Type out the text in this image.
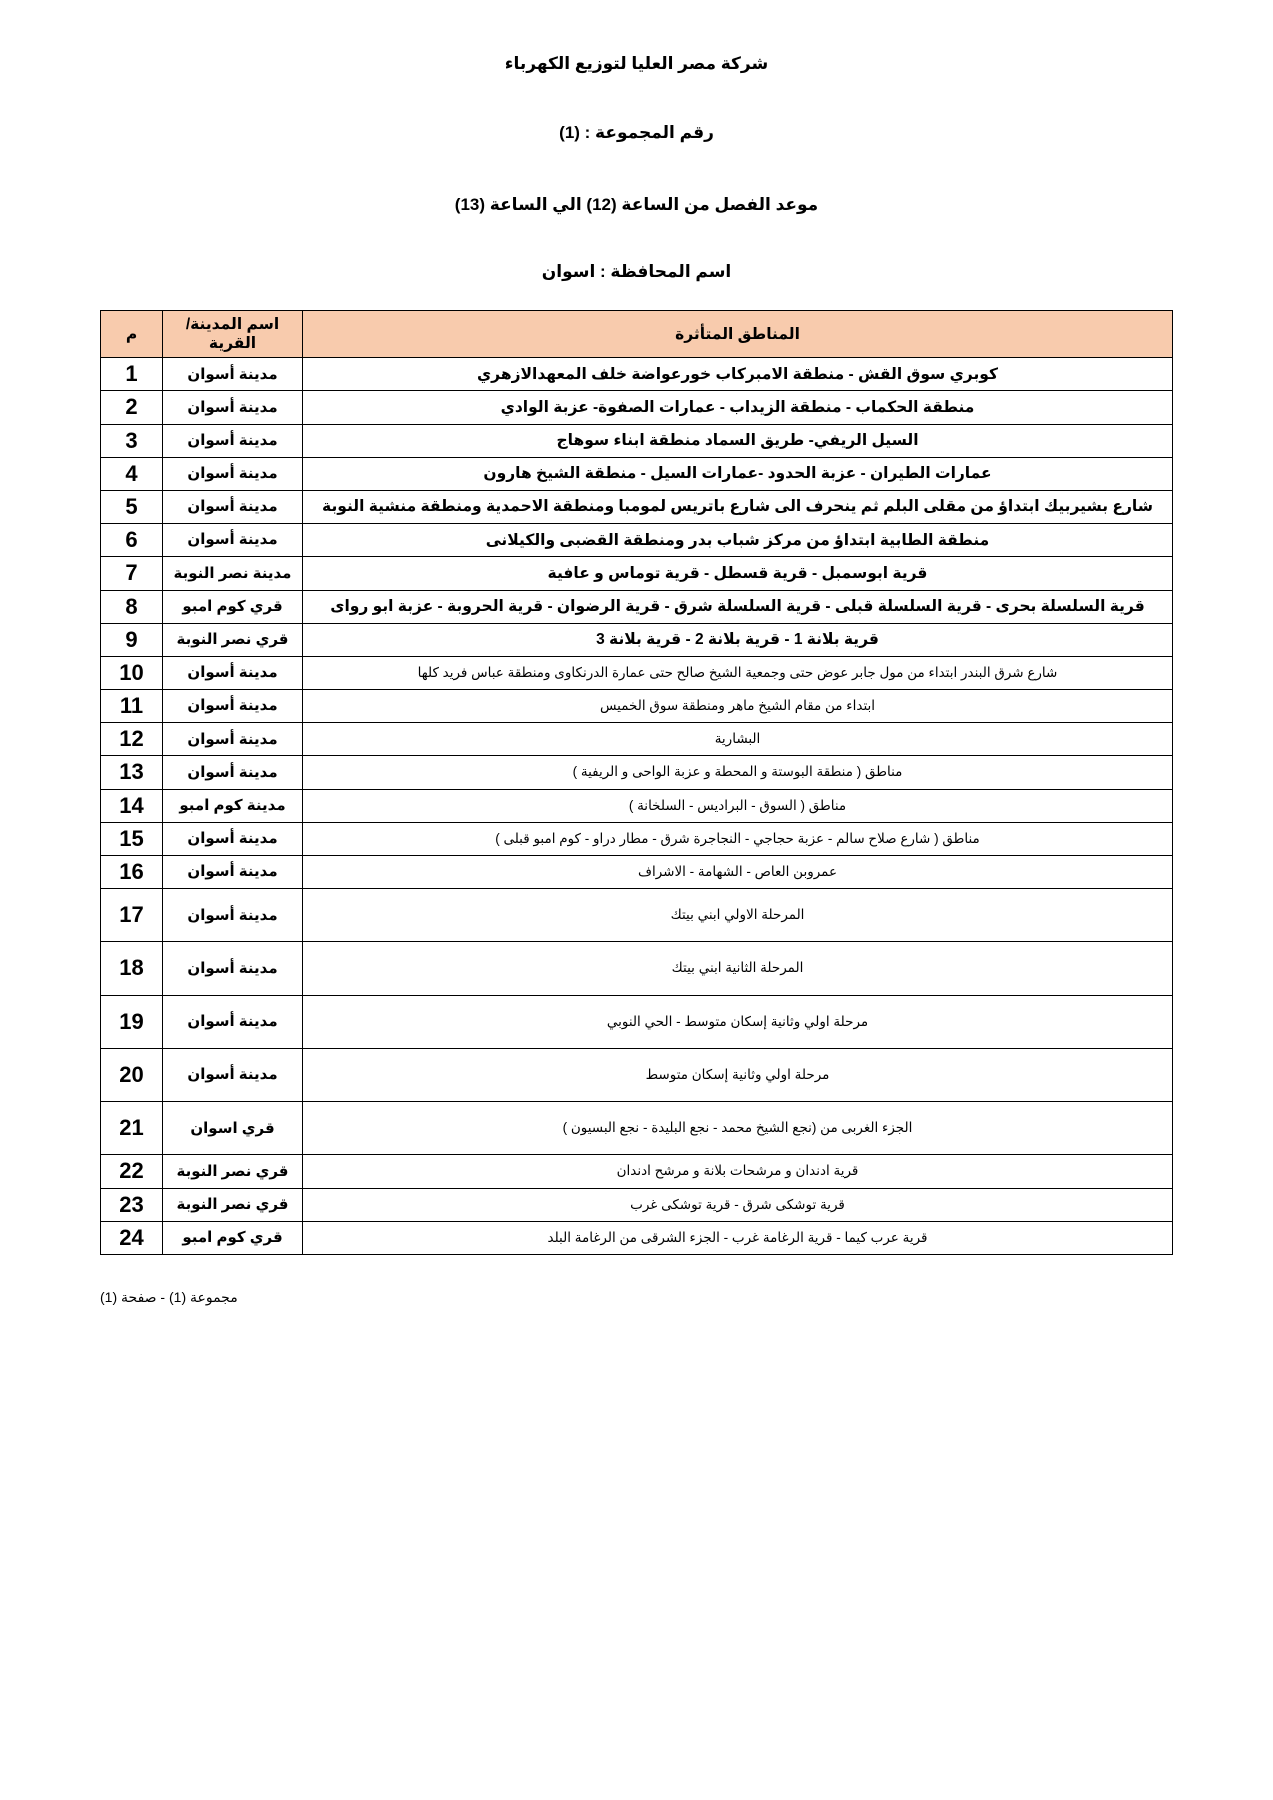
شركة مصر العليا لتوزيع الكهرباء
رقم المجموعة : (1)
موعد الفصل من الساعة (12) الي الساعة (13)
اسم المحافظة : اسوان
المناطق المتأثرة	اسم المدينة/ القرية	م
كوبري سوق القش - منطقة الامبركاب خورعواضة خلف المعهدالازهري	مدينة أسوان	1
منطقة الحكماب - منطقة الزيداب - عمارات الصفوة- عزبة الوادي	مدينة أسوان	2
السيل الريفي- طريق السماد منطقة ابناء سوهاج	مدينة أسوان	3
عمارات الطيران - عزبة الحدود -عمارات السيل - منطقة الشيخ هارون	مدينة أسوان	4
شارع بشيربيك ابتداؤ من مقلى البلم ثم ينحرف الى شارع باتريس لمومبا ومنطقة الاحمدية ومنطقة منشية النوبة	مدينة أسوان	5
منطقة الطابية ابتداؤ من مركز شباب بدر ومنطقة القضبى والكيلانى	مدينة أسوان	6
قرية ابوسمبل - قرية قسطل - قرية توماس و عافية	مدينة نصر النوبة	7
قرية السلسلة بحرى - قرية السلسلة قبلى - قرية السلسلة شرق - قرية الرضوان - قرية الحروبة - عزبة ابو رواى	قري كوم امبو	8
قرية بلانة 1 - قرية بلانة 2 - قرية بلانة 3	قري نصر النوبة	9
شارع شرق البندر ابتداء من مول جابر عوض حتى وجمعية الشيخ صالح حتى عمارة الدرنكاوى ومنطقة عباس فريد كلها	مدينة أسوان	10
ابتداء من مقام الشيخ ماهر ومنطقة سوق الخميس	مدينة أسوان	11
البشارية	مدينة أسوان	12
مناطق ( منطقة البوستة و المحطة و عزبة الواحى و الريفية )	مدينة أسوان	13
مناطق ( السوق - البراديس - السلخانة )	مدينة كوم امبو	14
مناطق ( شارع صلاح سالم - عزبة حجاجي - النجاجرة شرق - مطار دراو - كوم امبو قبلى )	مدينة أسوان	15
عمروبن العاص - الشهامة - الاشراف	مدينة أسوان	16
المرحلة الاولي ابني بيتك	مدينة أسوان	17
المرحلة الثانية ابني بيتك	مدينة أسوان	18
مرحلة اولي وثانية إسكان متوسط - الحي النوبي	مدينة أسوان	19
مرحلة اولي وثانية إسكان متوسط	مدينة أسوان	20
الجزء الغربى من (نجع الشيخ محمد - نجع البليدة - نجع البسيون )	قري اسوان	21
قرية ادندان و مرشحات بلانة و مرشح ادندان	قري نصر النوبة	22
قرية توشكى شرق - قرية توشكى غرب	قري نصر النوبة	23
قرية عرب كيما - قرية الرغامة غرب - الجزء الشرقى من الرغامة البلد	قري كوم امبو	24
مجموعة (1) - صفحة (1)
